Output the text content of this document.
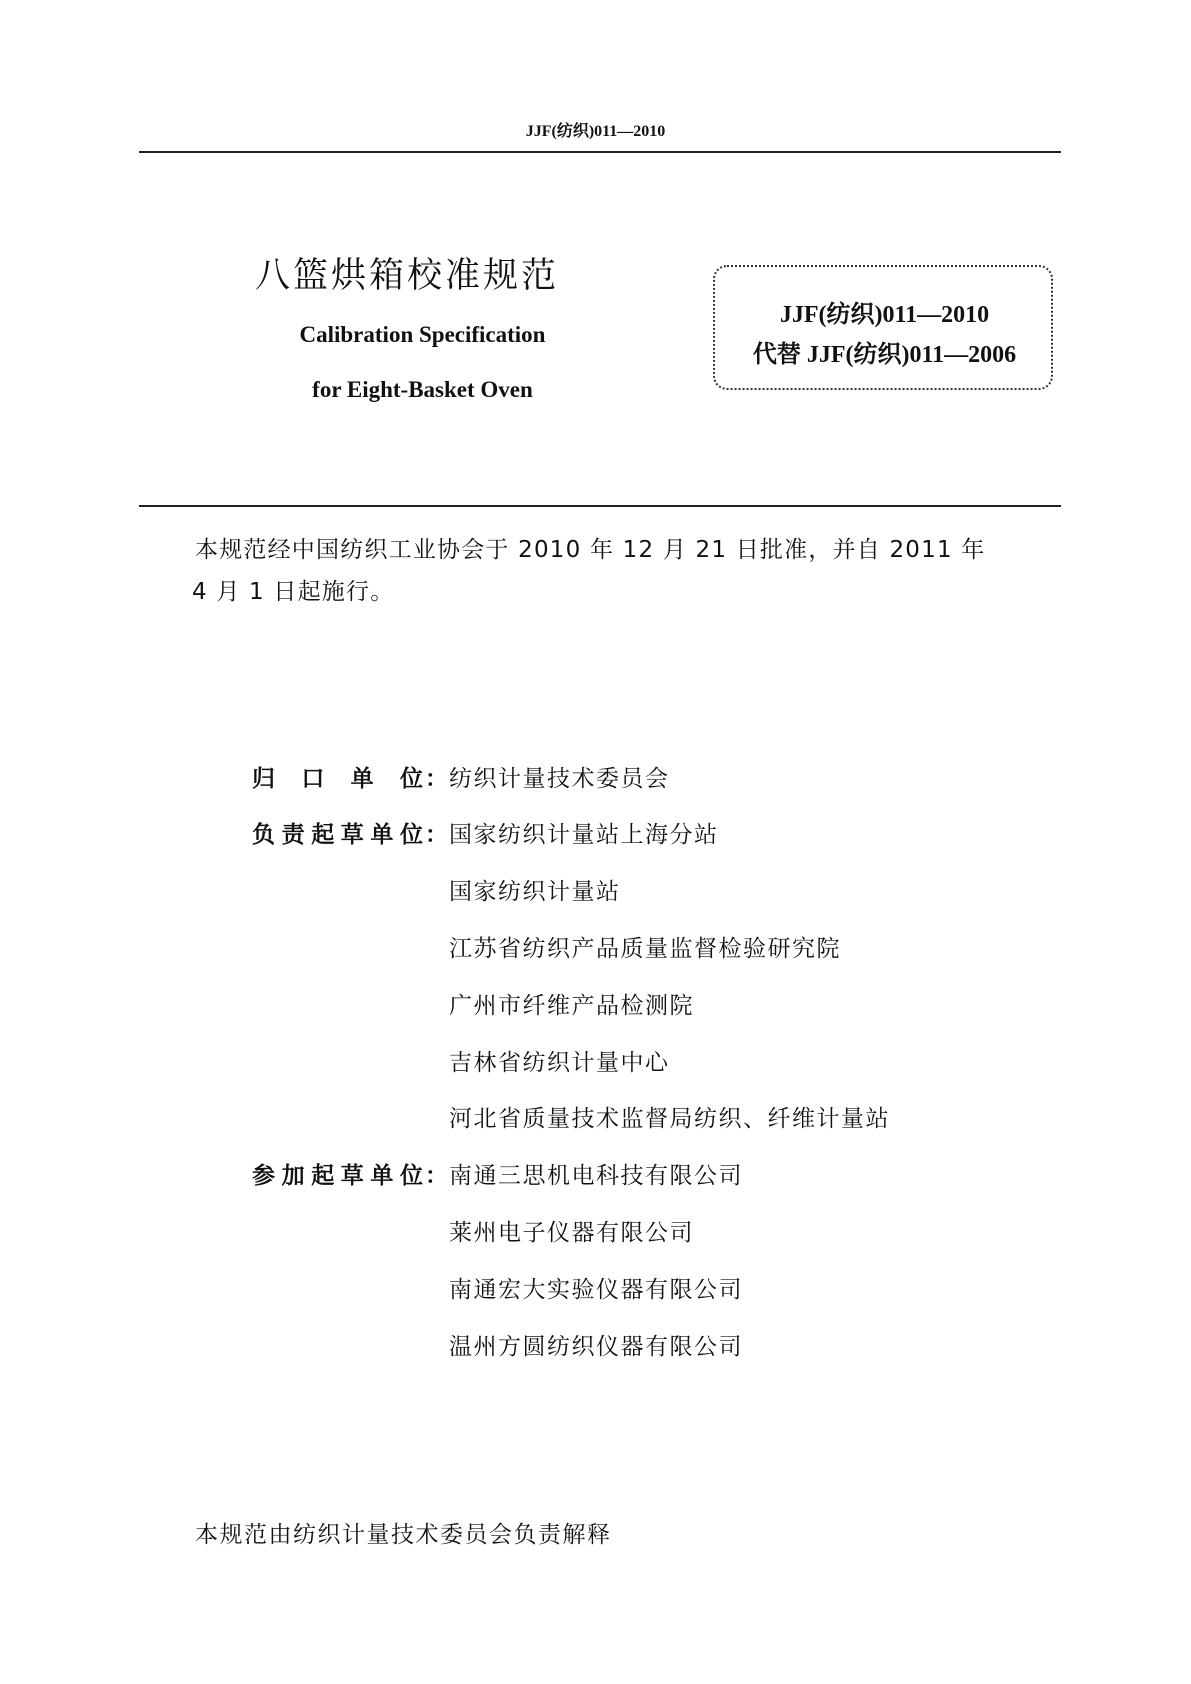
JJF(纺织)011—2010
八篮烘箱校准规范
Calibration Specification
for Eight-Basket Oven
JJF(纺织)011—2010
代替 JJF(纺织)011—2006

本规范经中国纺织工业协会于 2010 年 12 月 21 日批准，并自 2011 年

4 月 1 日起施行。

归口单位 ： 纺织计量技术委员会
负责起草单位 ： 国家纺织计量站上海分站
国家纺织计量站
江苏省纺织产品质量监督检验研究院
广州市纤维产品检测院
吉林省纺织计量中心
河北省质量技术监督局纺织、纤维计量站
参加起草单位 ： 南通三思机电科技有限公司
莱州电子仪器有限公司
南通宏大实验仪器有限公司
温州方圆纺织仪器有限公司
本规范由纺织计量技术委员会负责解释
